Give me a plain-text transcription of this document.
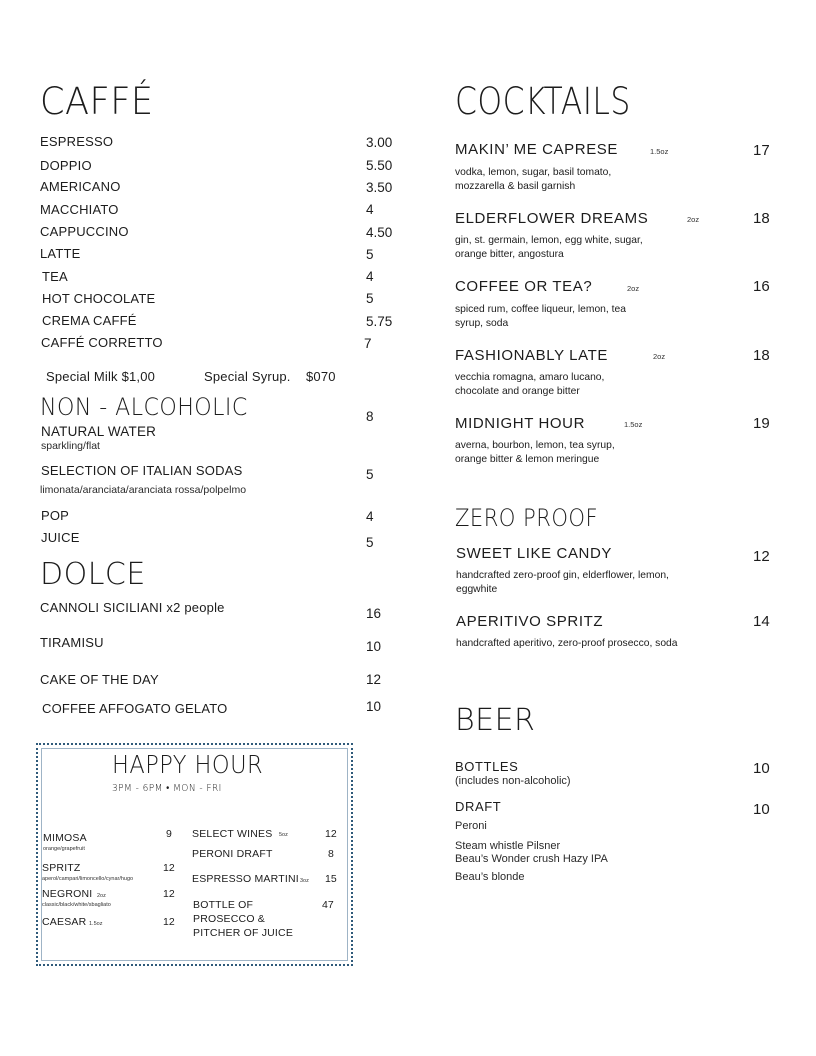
CAFFÉ
ESPRESSO	3.00
DOPPIO	5.50
AMERICANO	3.50
MACCHIATO	4
CAPPUCCINO	4.50
LATTE	5
TEA	4
HOT CHOCOLATE	5
CREMA CAFFÉ	5.75
CAFFÉ CORRETTO	7
Special Milk $1,00	Special Syrup. $070
NON - ALCOHOLIC
NATURAL WATER
sparkling/flat
8
SELECTION OF ITALIAN SODAS
limonata/aranciata/aranciata rossa/polpelmo
5
POP	4
JUICE	5
DOLCE
CANNOLI SICILIANI x2 people	16
TIRAMISU	10
CAKE OF THE DAY	12
COFFEE AFFOGATO GELATO	10
HAPPY HOUR
3PM - 6PM • MON - FRI
MIMOSA
orange/grapefruit
9
SPRITZ
aperol/campari/limoncello/cynar/hugo
12
NEGRONI 2oz
classic/black/white/sbagliato
12
CAESAR 1.5oz	12
SELECT WINES 5oz	12
PERONI DRAFT	8
ESPRESSO MARTINI 3oz 15
BOTTLE OF
PROSECCO &
PITCHER OF JUICE
47
COCKTAILS
MAKIN’ ME CAPRESE	1.5oz	17
vodka, lemon, sugar, basil tomato, mozzarella & basil garnish
ELDERFLOWER DREAMS	2oz	18
gin, st. germain, lemon, egg white, sugar, orange bitter, angostura
COFFEE OR TEA?	2oz	16
spiced rum, coffee liqueur, lemon, tea syrup, soda
FASHIONABLY LATE	2oz	18
vecchia romagna, amaro lucano, chocolate and orange bitter
MIDNIGHT HOUR	1.5oz	19
averna, bourbon, lemon, tea syrup, orange bitter & lemon meringue
ZERO PROOF
SWEET LIKE CANDY	12
handcrafted zero-proof gin, elderflower, lemon, eggwhite
APERITIVO SPRITZ	14
handcrafted aperitivo, zero-proof prosecco, soda
BEER
BOTTLES
(includes non-alcoholic)
10
DRAFT	10
Peroni
Steam whistle Pilsner
Beau’s Wonder crush Hazy IPA
Beau’s blonde
